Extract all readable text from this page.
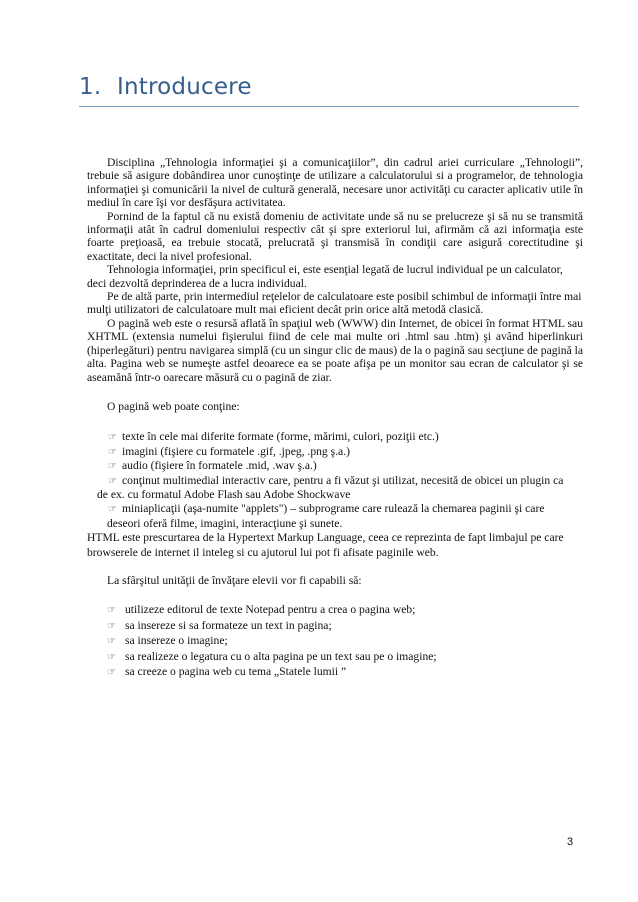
1. Introducere

Disciplina „Tehnologia informaţiei şi a comunicaţiilor”, din cadrul ariei curriculare „Tehnologii”, trebuie să asigure dobândirea unor cunoştinţe de utilizare a calculatorului si a programelor, de tehnologia informaţiei şi comunicării la nivel de cultură generală, necesare unor activităţi cu caracter aplicativ utile în mediul în care îşi vor desfăşura activitatea.

Pornind de la faptul că nu există domeniu de activitate unde să nu se prelucreze şi să nu se transmită informaţii atât în cadrul domeniului respectiv cât şi spre exteriorul lui, afirmăm că azi informaţia este foarte preţioasă, ea trebuie stocată, prelucrată şi transmisă în condiţii care asigură corectitudine şi exactitate, deci la nivel profesional.

Tehnologia informaţiei, prin specificul ei, este esenţial legată de lucrul individual pe un calculator, deci dezvoltă deprinderea de a lucra individual.

Pe de altă parte, prin intermediul reţelelor de calculatoare este posibil schimbul de informaţii între mai mulţi utilizatori de calculatoare mult mai eficient decât prin orice altă metodă clasică.

O pagină web este o resursă aflată în spaţiul web (WWW) din Internet, de obicei în format HTML sau XHTML (extensia numelui fişierului fiind de cele mai multe ori .html sau .htm) şi având hiperlinkuri (hiperlegături) pentru navigarea simplă (cu un singur clic de maus) de la o pagină sau secţiune de pagină la alta. Pagina web se numeşte astfel deoarece ea se poate afişa pe un monitor sau ecran de calculator şi se aseamănă într-o oarecare măsură cu o pagină de ziar.

O pagină web poate conţine:

☞ texte în cele mai diferite formate (forme, mărimi, culori, poziţii etc.)
☞ imagini (fişiere cu formatele .gif, .jpeg, .png ş.a.)
☞ audio (fişiere în formatele .mid, .wav ş.a.)
☞ conţinut multimedial interactiv care, pentru a fi văzut şi utilizat, necesită de obicei un plugin ca
de ex. cu formatul Adobe Flash sau Adobe Shockwave
☞ miniaplicaţii (aşa-numite "applets") – subprograme care rulează la chemarea paginii şi care
deseori oferă filme, imagini, interacţiune şi sunete.

HTML este prescurtarea de la Hypertext Markup Language, ceea ce reprezinta de fapt limbajul pe care browserele de internet il inteleg si cu ajutorul lui pot fi afisate paginile web.

La sfârşitul unităţii de învăţare elevii vor fi capabili să:

☞ utilizeze editorul de texte Notepad pentru a crea o pagina web;
☞ sa insereze si sa formateze un text in pagina;
☞ sa insereze o imagine;
☞ sa realizeze o legatura cu o alta pagina pe un text sau pe o imagine;
☞ sa creeze o pagina web cu tema „Statele lumii ”
3
